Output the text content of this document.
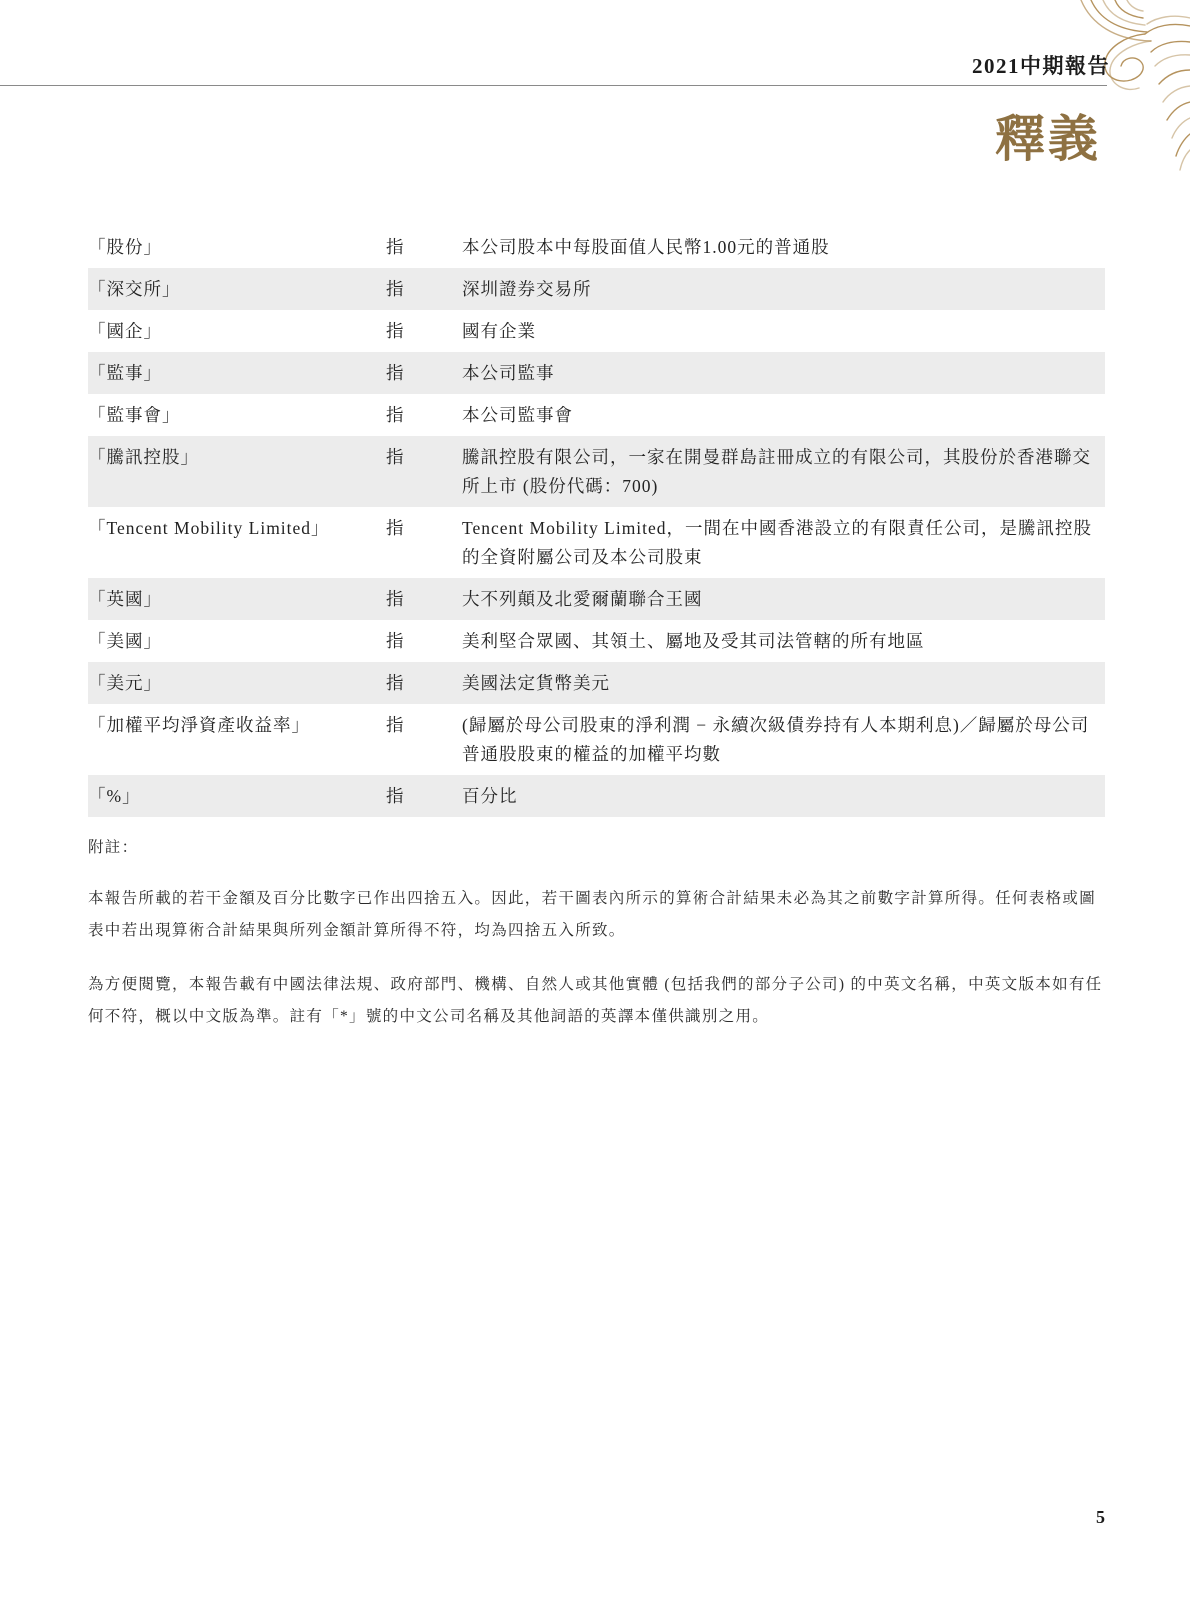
2021中期報告
釋義
「股份」	指	本公司股本中每股面值人民幣1.00元的普通股
「深交所」	指	深圳證券交易所
「國企」	指	國有企業
「監事」	指	本公司監事
「監事會」	指	本公司監事會
「騰訊控股」	指	騰訊控股有限公司，一家在開曼群島註冊成立的有限公司，其股份於香港聯交所上市 (股份代碼：700)
「Tencent Mobility Limited」	指	Tencent Mobility Limited，一間在中國香港設立的有限責任公司，是騰訊控股的全資附屬公司及本公司股東
「英國」	指	大不列顛及北愛爾蘭聯合王國
「美國」	指	美利堅合眾國、其領土、屬地及受其司法管轄的所有地區
「美元」	指	美國法定貨幣美元
「加權平均淨資產收益率」	指	(歸屬於母公司股東的淨利潤 − 永續次級債券持有人本期利息)／歸屬於母公司普通股股東的權益的加權平均數
「%」	指	百分比
附註：

本報告所載的若干金額及百分比數字已作出四捨五入。因此，若干圖表內所示的算術合計結果未必為其之前數字計算所得。任何表格或圖表中若出現算術合計結果與所列金額計算所得不符，均為四捨五入所致。

為方便閱覽，本報告載有中國法律法規、政府部門、機構、自然人或其他實體 (包括我們的部分子公司) 的中英文名稱，中英文版本如有任何不符，概以中文版為準。註有「*」號的中文公司名稱及其他詞語的英譯本僅供識別之用。

5
